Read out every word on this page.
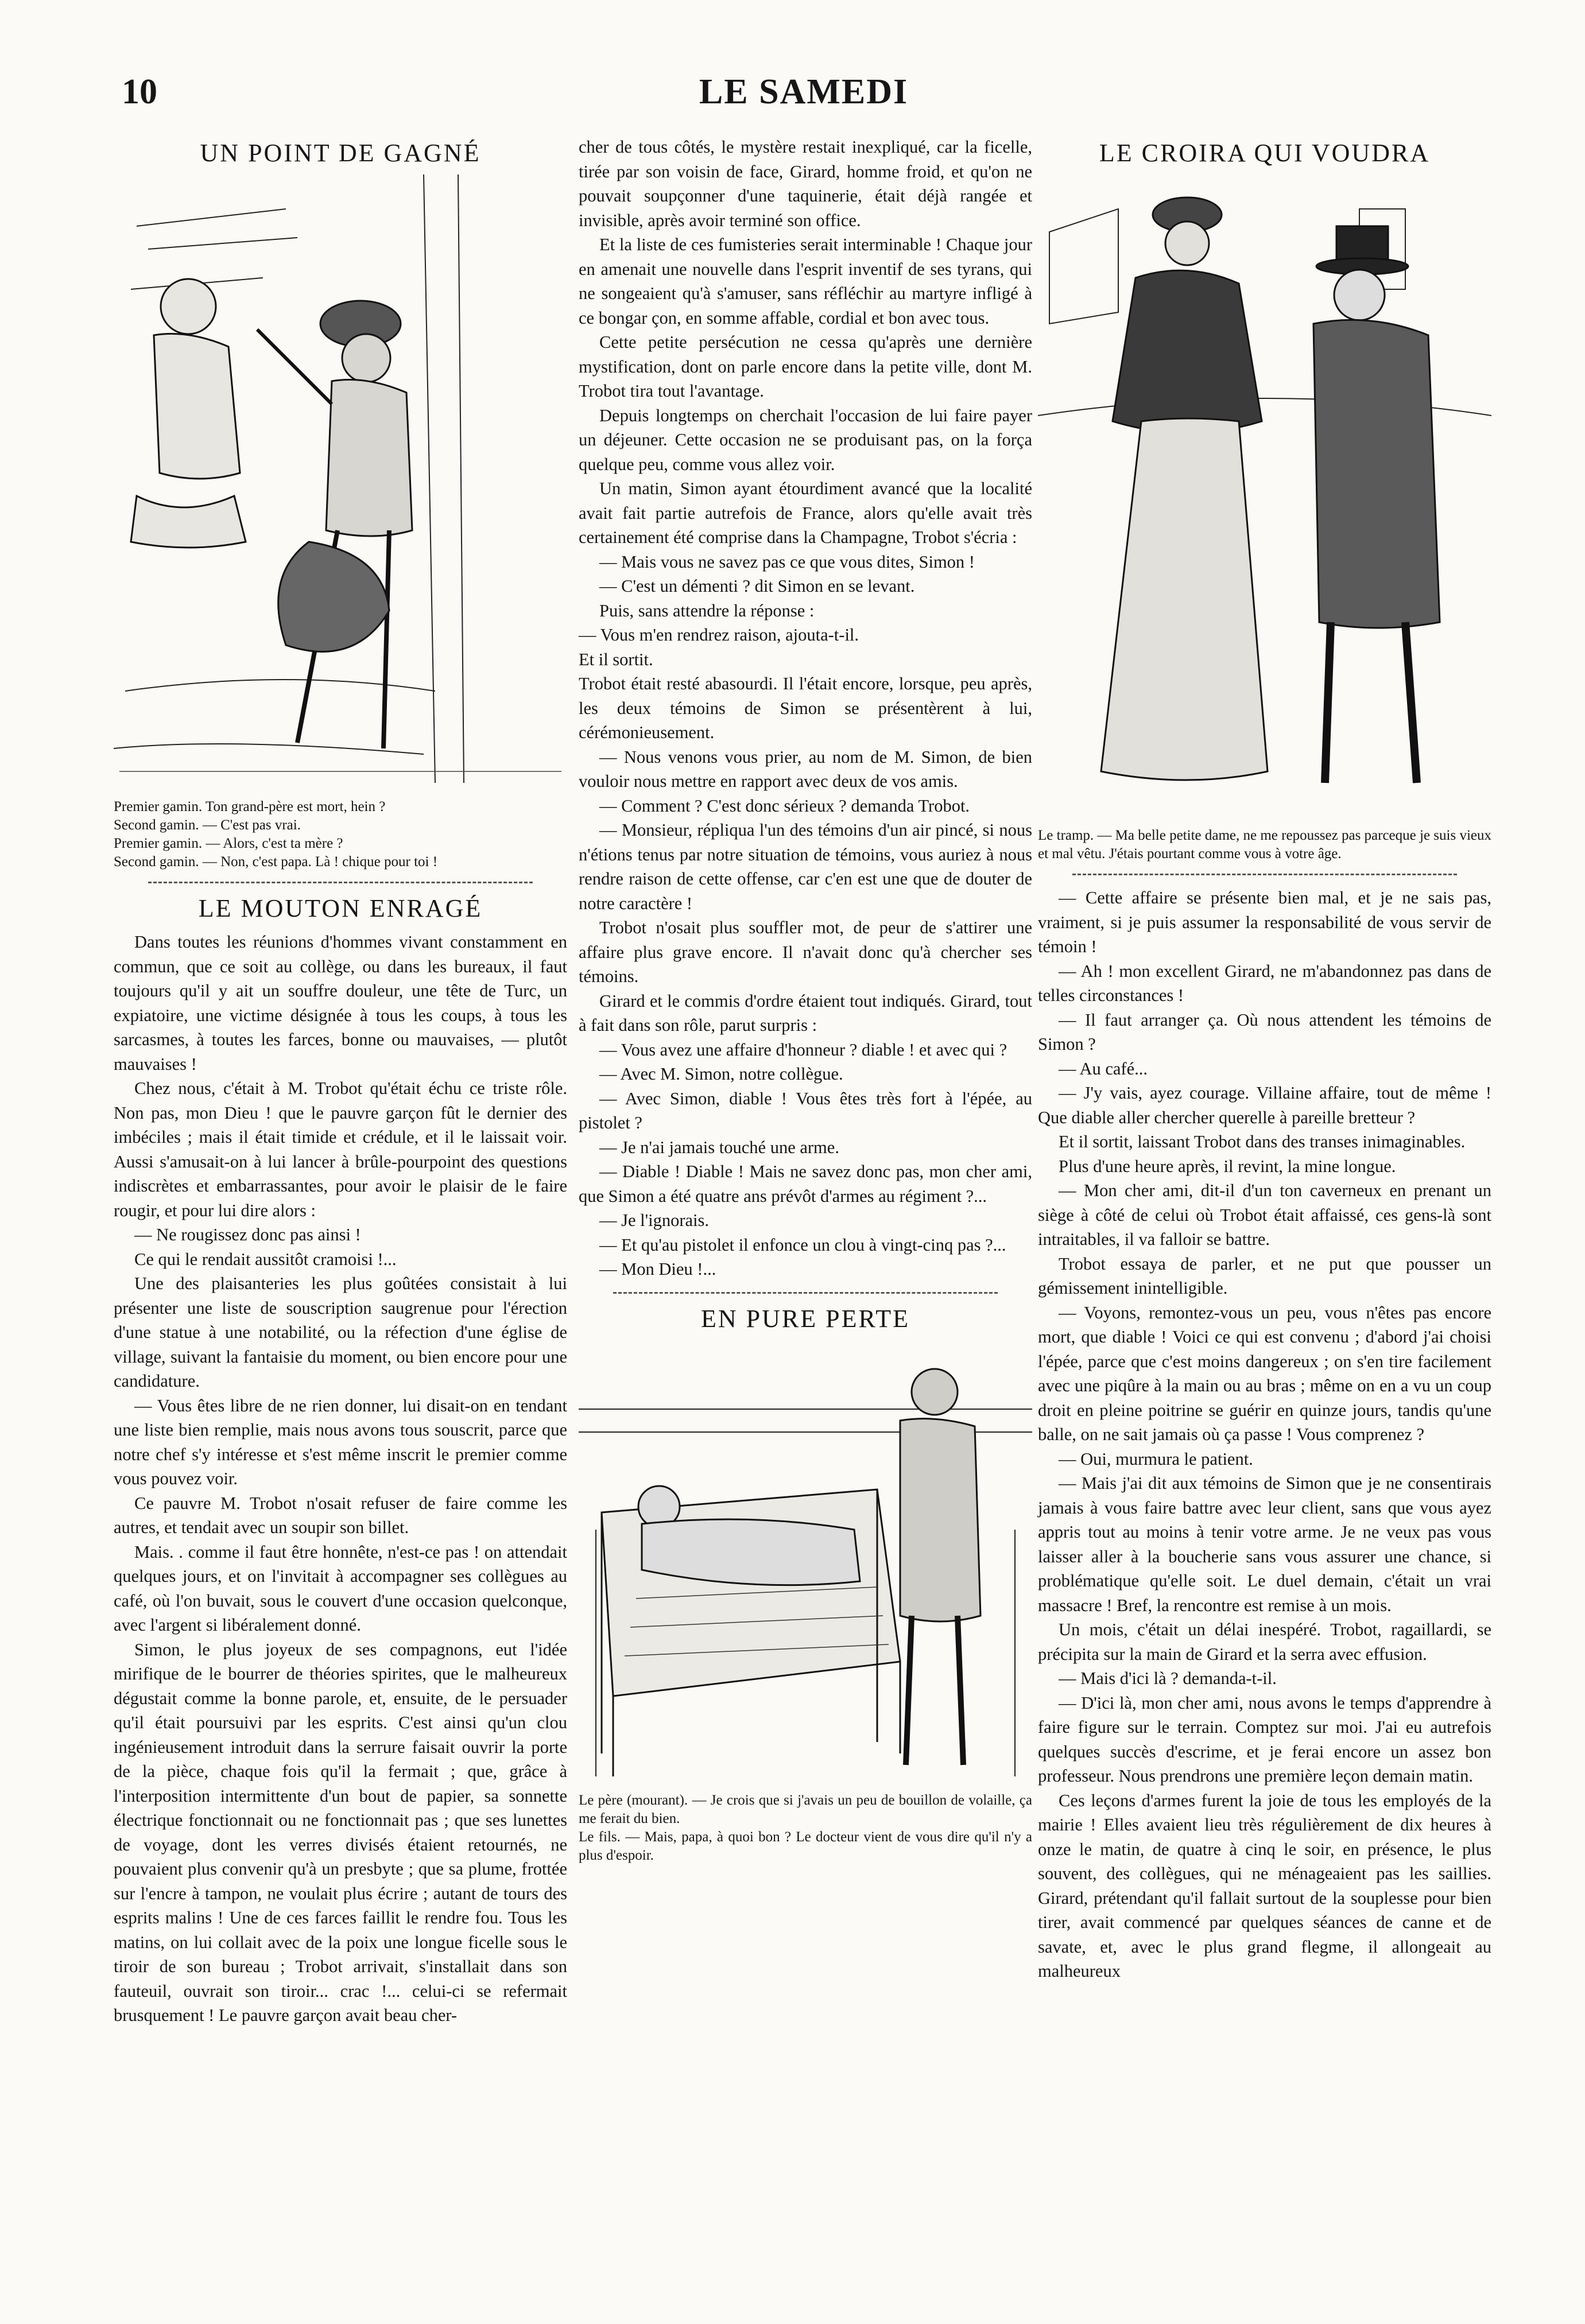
10	LE SAMEDI
UN POINT DE GAGNÉ
Premier gamin. Ton grand-père est mort, hein ?
Second gamin. — C'est pas vrai.
Premier gamin. — Alors, c'est ta mère ?
Second gamin. — Non, c'est papa. Là ! chique pour toi !
LE MOUTON ENRAGÉ

Dans toutes les réunions d'hommes vivant constamment en commun, que ce soit au collège, ou dans les bureaux, il faut toujours qu'il y ait un souffre douleur, une tête de Turc, un expiatoire, une victime désignée à tous les coups, à tous les sarcasmes, à toutes les farces, bonne ou mauvaises, — plutôt mauvaises !

Chez nous, c'était à M. Trobot qu'était échu ce triste rôle. Non pas, mon Dieu ! que le pauvre garçon fût le dernier des imbéciles ; mais il était timide et crédule, et il le laissait voir. Aussi s'amusait-on à lui lancer à brûle-pourpoint des questions indiscrètes et embarrassantes, pour avoir le plaisir de le faire rougir, et pour lui dire alors :

— Ne rougissez donc pas ainsi !

Ce qui le rendait aussitôt cramoisi !...

Une des plaisanteries les plus goûtées consistait à lui présenter une liste de souscription saugrenue pour l'érection d'une statue à une notabilité, ou la réfection d'une église de village, suivant la fantaisie du moment, ou bien encore pour une candidature.

— Vous êtes libre de ne rien donner, lui disait-on en tendant une liste bien remplie, mais nous avons tous souscrit, parce que notre chef s'y intéresse et s'est même inscrit le premier comme vous pouvez voir.

Ce pauvre M. Trobot n'osait refuser de faire comme les autres, et tendait avec un soupir son billet.

Mais. . comme il faut être honnête, n'est-ce pas ! on attendait quelques jours, et on l'invitait à accompagner ses collègues au café, où l'on buvait, sous le couvert d'une occasion quelconque, avec l'argent si libéralement donné.

Simon, le plus joyeux de ses compagnons, eut l'idée mirifique de le bourrer de théories spirites, que le malheureux dégustait comme la bonne parole, et, ensuite, de le persuader qu'il était poursuivi par les esprits. C'est ainsi qu'un clou ingénieusement introduit dans la serrure faisait ouvrir la porte de la pièce, chaque fois qu'il la fermait ; que, grâce à l'interposition intermittente d'un bout de papier, sa sonnette électrique fonctionnait ou ne fonctionnait pas ; que ses lunettes de voyage, dont les verres divisés étaient retournés, ne pouvaient plus convenir qu'à un presbyte ; que sa plume, frottée sur l'encre à tampon, ne voulait plus écrire ; autant de tours des esprits malins ! Une de ces farces faillit le rendre fou. Tous les matins, on lui collait avec de la poix une longue ficelle sous le tiroir de son bureau ; Trobot arrivait, s'installait dans son fauteuil, ouvrait son tiroir... crac !... celui-ci se refermait brusquement ! Le pauvre garçon avait beau cher-

cher de tous côtés, le mystère restait inexpliqué, car la ficelle, tirée par son voisin de face, Girard, homme froid, et qu'on ne pouvait soupçonner d'une taquinerie, était déjà rangée et invisible, après avoir terminé son office.

Et la liste de ces fumisteries serait interminable ! Chaque jour en amenait une nouvelle dans l'esprit inventif de ses tyrans, qui ne songeaient qu'à s'amuser, sans réfléchir au martyre infligé à ce bongar çon, en somme affable, cordial et bon avec tous.

Cette petite persécution ne cessa qu'après une dernière mystification, dont on parle encore dans la petite ville, dont M. Trobot tira tout l'avantage.

Depuis longtemps on cherchait l'occasion de lui faire payer un déjeuner. Cette occasion ne se produisant pas, on la força quelque peu, comme vous allez voir.

Un matin, Simon ayant étourdiment avancé que la localité avait fait partie autrefois de France, alors qu'elle avait très certainement été comprise dans la Champagne, Trobot s'écria :

— Mais vous ne savez pas ce que vous dites, Simon !

— C'est un démenti ? dit Simon en se levant.

Puis, sans attendre la réponse :

— Vous m'en rendrez raison, ajouta-t-il.

Et il sortit.

Trobot était resté abasourdi. Il l'était encore, lorsque, peu après, les deux témoins de Simon se présentèrent à lui, cérémonieusement.

— Nous venons vous prier, au nom de M. Simon, de bien vouloir nous mettre en rapport avec deux de vos amis.

— Comment ? C'est donc sérieux ? demanda Trobot.

— Monsieur, répliqua l'un des témoins d'un air pincé, si nous n'étions tenus par notre situation de témoins, vous auriez à nous rendre raison de cette offense, car c'en est une que de douter de notre caractère !

Trobot n'osait plus souffler mot, de peur de s'attirer une affaire plus grave encore. Il n'avait donc qu'à chercher ses témoins.

Girard et le commis d'ordre étaient tout indiqués. Girard, tout à fait dans son rôle, parut surpris :

— Vous avez une affaire d'honneur ? diable ! et avec qui ?

— Avec M. Simon, notre collègue.

— Avec Simon, diable ! Vous êtes très fort à l'épée, au pistolet ?

— Je n'ai jamais touché une arme.

— Diable ! Diable ! Mais ne savez donc pas, mon cher ami, que Simon a été quatre ans prévôt d'armes au régiment ?...

— Je l'ignorais.

— Et qu'au pistolet il enfonce un clou à vingt-cinq pas ?...

— Mon Dieu !...

EN PURE PERTE
Le père (mourant). — Je crois que si j'avais un peu de bouillon de volaille, ça me ferait du bien.
Le fils. — Mais, papa, à quoi bon ? Le docteur vient de vous dire qu'il n'y a plus d'espoir.
LE CROIRA QUI VOUDRA
Le tramp. — Ma belle petite dame, ne me repoussez pas parceque je suis vieux et mal vêtu. J'étais pourtant comme vous à votre âge.

— Cette affaire se présente bien mal, et je ne sais pas, vraiment, si je puis assumer la responsabilité de vous servir de témoin !

— Ah ! mon excellent Girard, ne m'abandonnez pas dans de telles circonstances !

— Il faut arranger ça. Où nous attendent les témoins de Simon ?

— Au café...

— J'y vais, ayez courage. Villaine affaire, tout de même ! Que diable aller chercher querelle à pareille bretteur ?

Et il sortit, laissant Trobot dans des transes inimaginables.

Plus d'une heure après, il revint, la mine longue.

— Mon cher ami, dit-il d'un ton caverneux en prenant un siège à côté de celui où Trobot était affaissé, ces gens-là sont intraitables, il va falloir se battre.

Trobot essaya de parler, et ne put que pousser un gémissement inintelligible.

— Voyons, remontez-vous un peu, vous n'êtes pas encore mort, que diable ! Voici ce qui est convenu ; d'abord j'ai choisi l'épée, parce que c'est moins dangereux ; on s'en tire facilement avec une piqûre à la main ou au bras ; même on en a vu un coup droit en pleine poitrine se guérir en quinze jours, tandis qu'une balle, on ne sait jamais où ça passe ! Vous comprenez ?

— Oui, murmura le patient.

— Mais j'ai dit aux témoins de Simon que je ne consentirais jamais à vous faire battre avec leur client, sans que vous ayez appris tout au moins à tenir votre arme. Je ne veux pas vous laisser aller à la boucherie sans vous assurer une chance, si problématique qu'elle soit. Le duel demain, c'était un vrai massacre ! Bref, la rencontre est remise à un mois.

Un mois, c'était un délai inespéré. Trobot, ragaillardi, se précipita sur la main de Girard et la serra avec effusion.

— Mais d'ici là ? demanda-t-il.

— D'ici là, mon cher ami, nous avons le temps d'apprendre à faire figure sur le terrain. Comptez sur moi. J'ai eu autrefois quelques succès d'escrime, et je ferai encore un assez bon professeur. Nous prendrons une première leçon demain matin.

Ces leçons d'armes furent la joie de tous les employés de la mairie ! Elles avaient lieu très régulièrement de dix heures à onze le matin, de quatre à cinq le soir, en présence, le plus souvent, des collègues, qui ne ménageaient pas les saillies. Girard, prétendant qu'il fallait surtout de la souplesse pour bien tirer, avait commencé par quelques séances de canne et de savate, et, avec le plus grand flegme, il allongeait au malheureux
